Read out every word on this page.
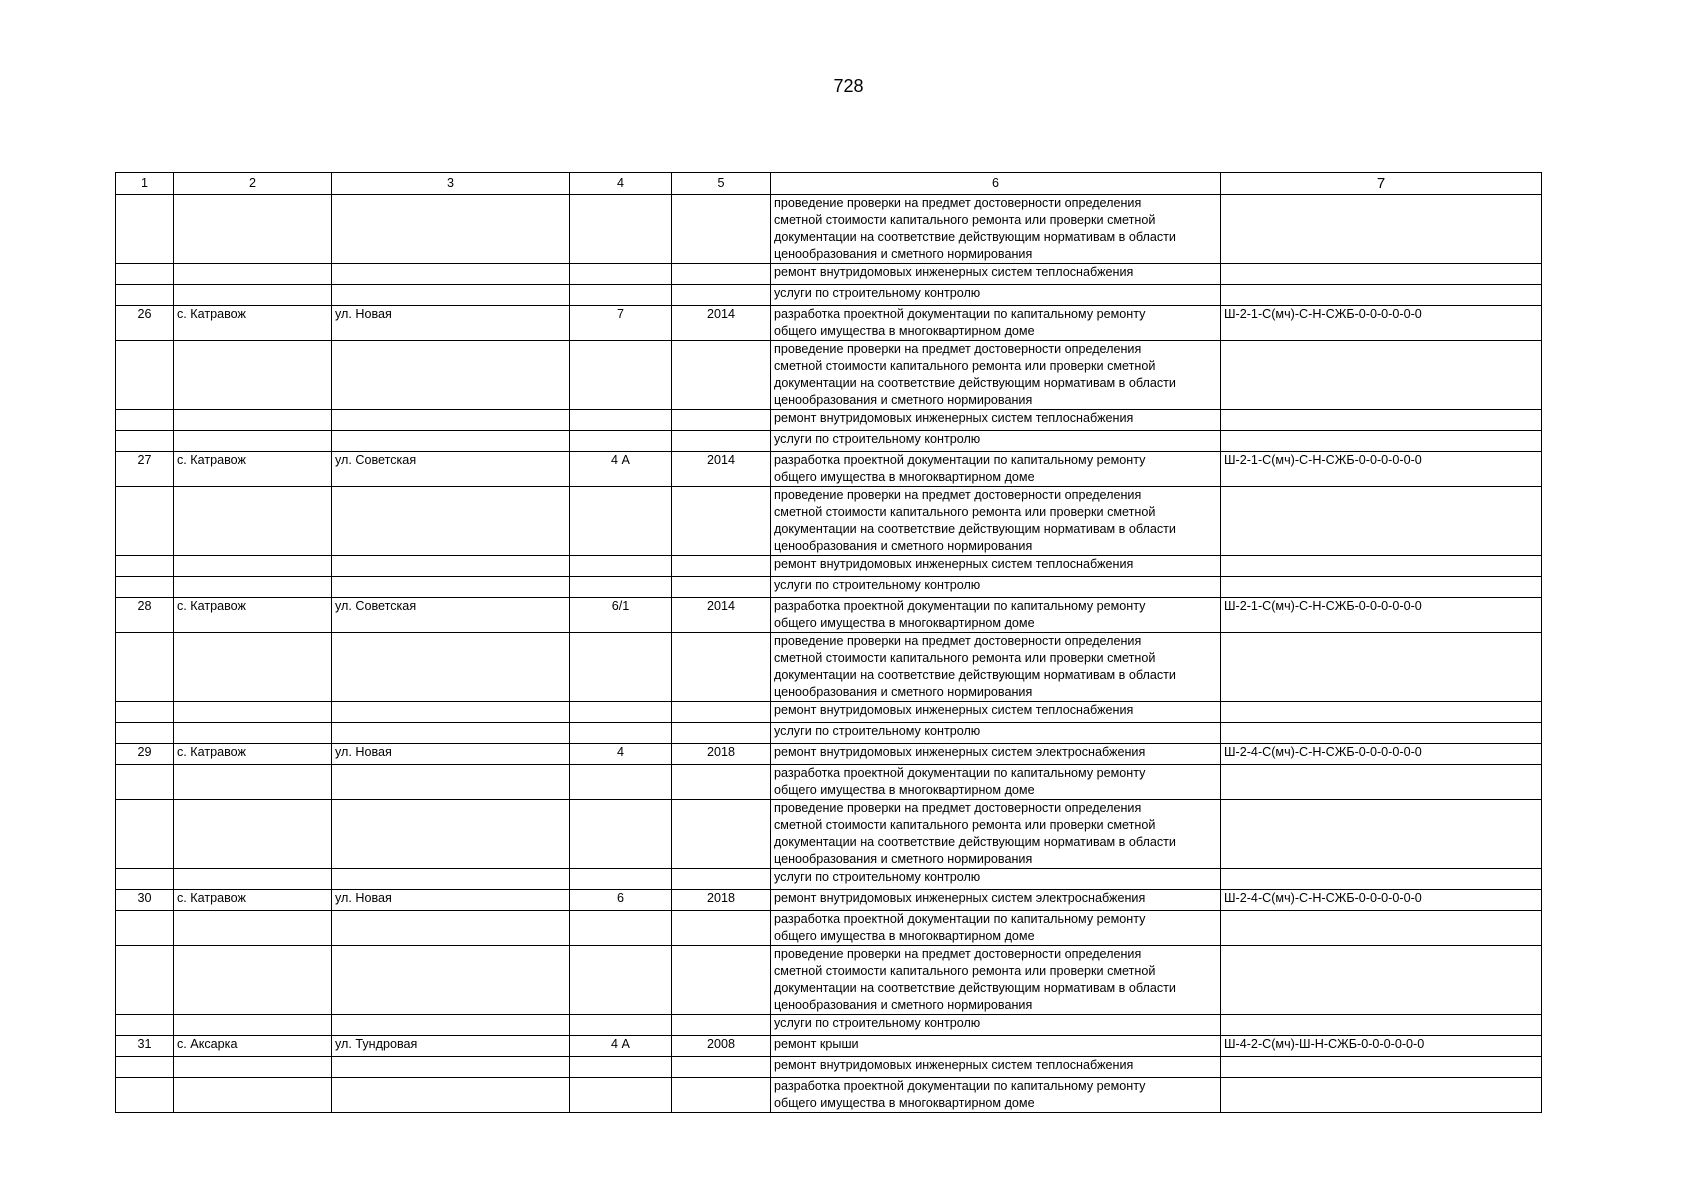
728
1	2	3	4	5	6	7

					проведение проверки на предмет достоверности определения
сметной стоимости капитального ремонта или проверки сметной
документации на соответствие действующим нормативам в области
ценообразования и сметного нормирования	

					ремонт внутридомовых инженерных систем теплоснабжения	

					услуги по строительному контролю	

26	с. Катравож	ул. Новая	7	2014	разработка проектной документации по капитальному ремонту
общего имущества в многоквартирном доме	Ш-2-1-С(мч)-С-Н-СЖБ-0-0-0-0-0-0

					проведение проверки на предмет достоверности определения
сметной стоимости капитального ремонта или проверки сметной
документации на соответствие действующим нормативам в области
ценообразования и сметного нормирования	

					ремонт внутридомовых инженерных систем теплоснабжения	

					услуги по строительному контролю	

27	с. Катравож	ул. Советская	4 А	2014	разработка проектной документации по капитальному ремонту
общего имущества в многоквартирном доме	Ш-2-1-С(мч)-С-Н-СЖБ-0-0-0-0-0-0

					проведение проверки на предмет достоверности определения
сметной стоимости капитального ремонта или проверки сметной
документации на соответствие действующим нормативам в области
ценообразования и сметного нормирования	

					ремонт внутридомовых инженерных систем теплоснабжения	

					услуги по строительному контролю	

28	с. Катравож	ул. Советская	6/1	2014	разработка проектной документации по капитальному ремонту
общего имущества в многоквартирном доме	Ш-2-1-С(мч)-С-Н-СЖБ-0-0-0-0-0-0

					проведение проверки на предмет достоверности определения
сметной стоимости капитального ремонта или проверки сметной
документации на соответствие действующим нормативам в области
ценообразования и сметного нормирования	

					ремонт внутридомовых инженерных систем теплоснабжения	

					услуги по строительному контролю	

29	с. Катравож	ул. Новая	4	2018	ремонт внутридомовых инженерных систем электроснабжения	Ш-2-4-С(мч)-С-Н-СЖБ-0-0-0-0-0-0

					разработка проектной документации по капитальному ремонту
общего имущества в многоквартирном доме	

					проведение проверки на предмет достоверности определения
сметной стоимости капитального ремонта или проверки сметной
документации на соответствие действующим нормативам в области
ценообразования и сметного нормирования	

					услуги по строительному контролю	

30	с. Катравож	ул. Новая	6	2018	ремонт внутридомовых инженерных систем электроснабжения	Ш-2-4-С(мч)-С-Н-СЖБ-0-0-0-0-0-0

					разработка проектной документации по капитальному ремонту
общего имущества в многоквартирном доме	

					проведение проверки на предмет достоверности определения
сметной стоимости капитального ремонта или проверки сметной
документации на соответствие действующим нормативам в области
ценообразования и сметного нормирования	

					услуги по строительному контролю	

31	с. Аксарка	ул. Тундровая	4 А	2008	ремонт крыши	Ш-4-2-С(мч)-Ш-Н-СЖБ-0-0-0-0-0-0

					ремонт внутридомовых инженерных систем теплоснабжения	

					разработка проектной документации по капитальному ремонту
общего имущества в многоквартирном доме	
